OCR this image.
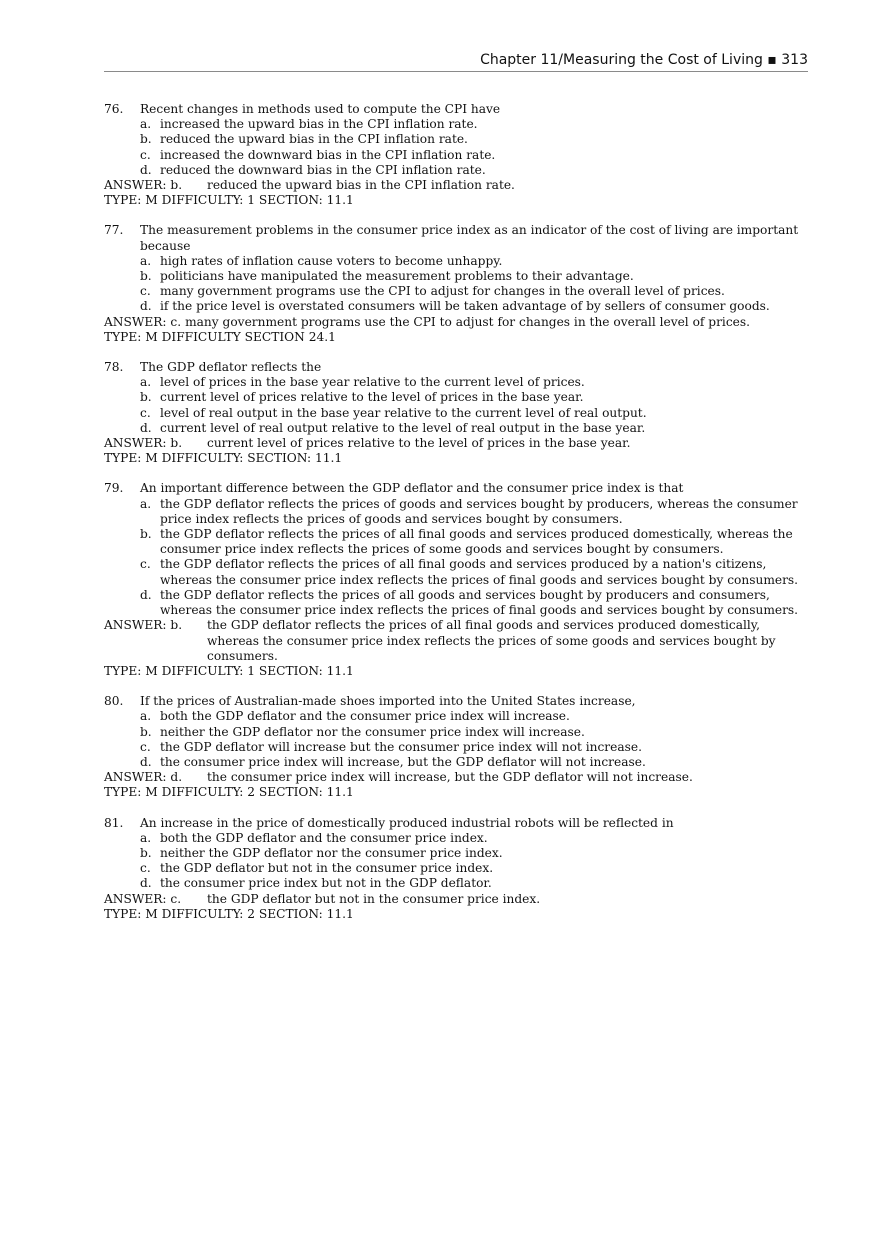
Chapter 11/Measuring the Cost of Living ▪ 313
76.	Recent changes in methods used to compute the CPI have
a. increased the upward bias in the CPI inflation rate.
b. reduced the upward bias in the CPI inflation rate.
c. increased the downward bias in the CPI inflation rate.
d. reduced the downward bias in the CPI inflation rate.
ANSWER: b.	reduced the upward bias in the CPI inflation rate.
TYPE: M DIFFICULTY: 1 SECTION: 11.1
77.	The measurement problems in the consumer price index as an indicator of the cost of living are important because
a. high rates of inflation cause voters to become unhappy.
b. politicians have manipulated the measurement problems to their advantage.
c. many government programs use the CPI to adjust for changes in the overall level of prices.
d. if the price level is overstated consumers will be taken advantage of by sellers of consumer goods.
ANSWER: c. many government programs use the CPI to adjust for changes in the overall level of prices.
TYPE: M DIFFICULTY SECTION 24.1
78.	The GDP deflator reflects the
a. level of prices in the base year relative to the current level of prices.
b. current level of prices relative to the level of prices in the base year.
c. level of real output in the base year relative to the current level of real output.
d. current level of real output relative to the level of real output in the base year.
ANSWER: b.	current level of prices relative to the level of prices in the base year.
TYPE: M DIFFICULTY: SECTION: 11.1
79.	An important difference between the GDP deflator and the consumer price index is that
a. the GDP deflator reflects the prices of goods and services bought by producers, whereas the consumer price index reflects the prices of goods and services bought by consumers.
b. the GDP deflator reflects the prices of all final goods and services produced domestically, whereas the consumer price index reflects the prices of some goods and services bought by consumers.
c. the GDP deflator reflects the prices of all final goods and services produced by a nation's citizens, whereas the consumer price index reflects the prices of final goods and services bought by consumers.
d. the GDP deflator reflects the prices of all goods and services bought by producers and consumers, whereas the consumer price index reflects the prices of final goods and services bought by consumers.
ANSWER: b.	the GDP deflator reflects the prices of all final goods and services produced domestically, whereas the consumer price index reflects the prices of some goods and services bought by consumers.
TYPE: M DIFFICULTY: 1 SECTION: 11.1
80.	If the prices of Australian-made shoes imported into the United States increase,
a. both the GDP deflator and the consumer price index will increase.
b. neither the GDP deflator nor the consumer price index will increase.
c. the GDP deflator will increase but the consumer price index will not increase.
d. the consumer price index will increase, but the GDP deflator will not increase.
ANSWER: d.	the consumer price index will increase, but the GDP deflator will not increase.
TYPE: M DIFFICULTY: 2 SECTION: 11.1
81.	An increase in the price of domestically produced industrial robots will be reflected in
a. both the GDP deflator and the consumer price index.
b. neither the GDP deflator nor the consumer price index.
c. the GDP deflator but not in the consumer price index.
d. the consumer price index but not in the GDP deflator.
ANSWER: c.	the GDP deflator but not in the consumer price index.
TYPE: M DIFFICULTY: 2 SECTION: 11.1
